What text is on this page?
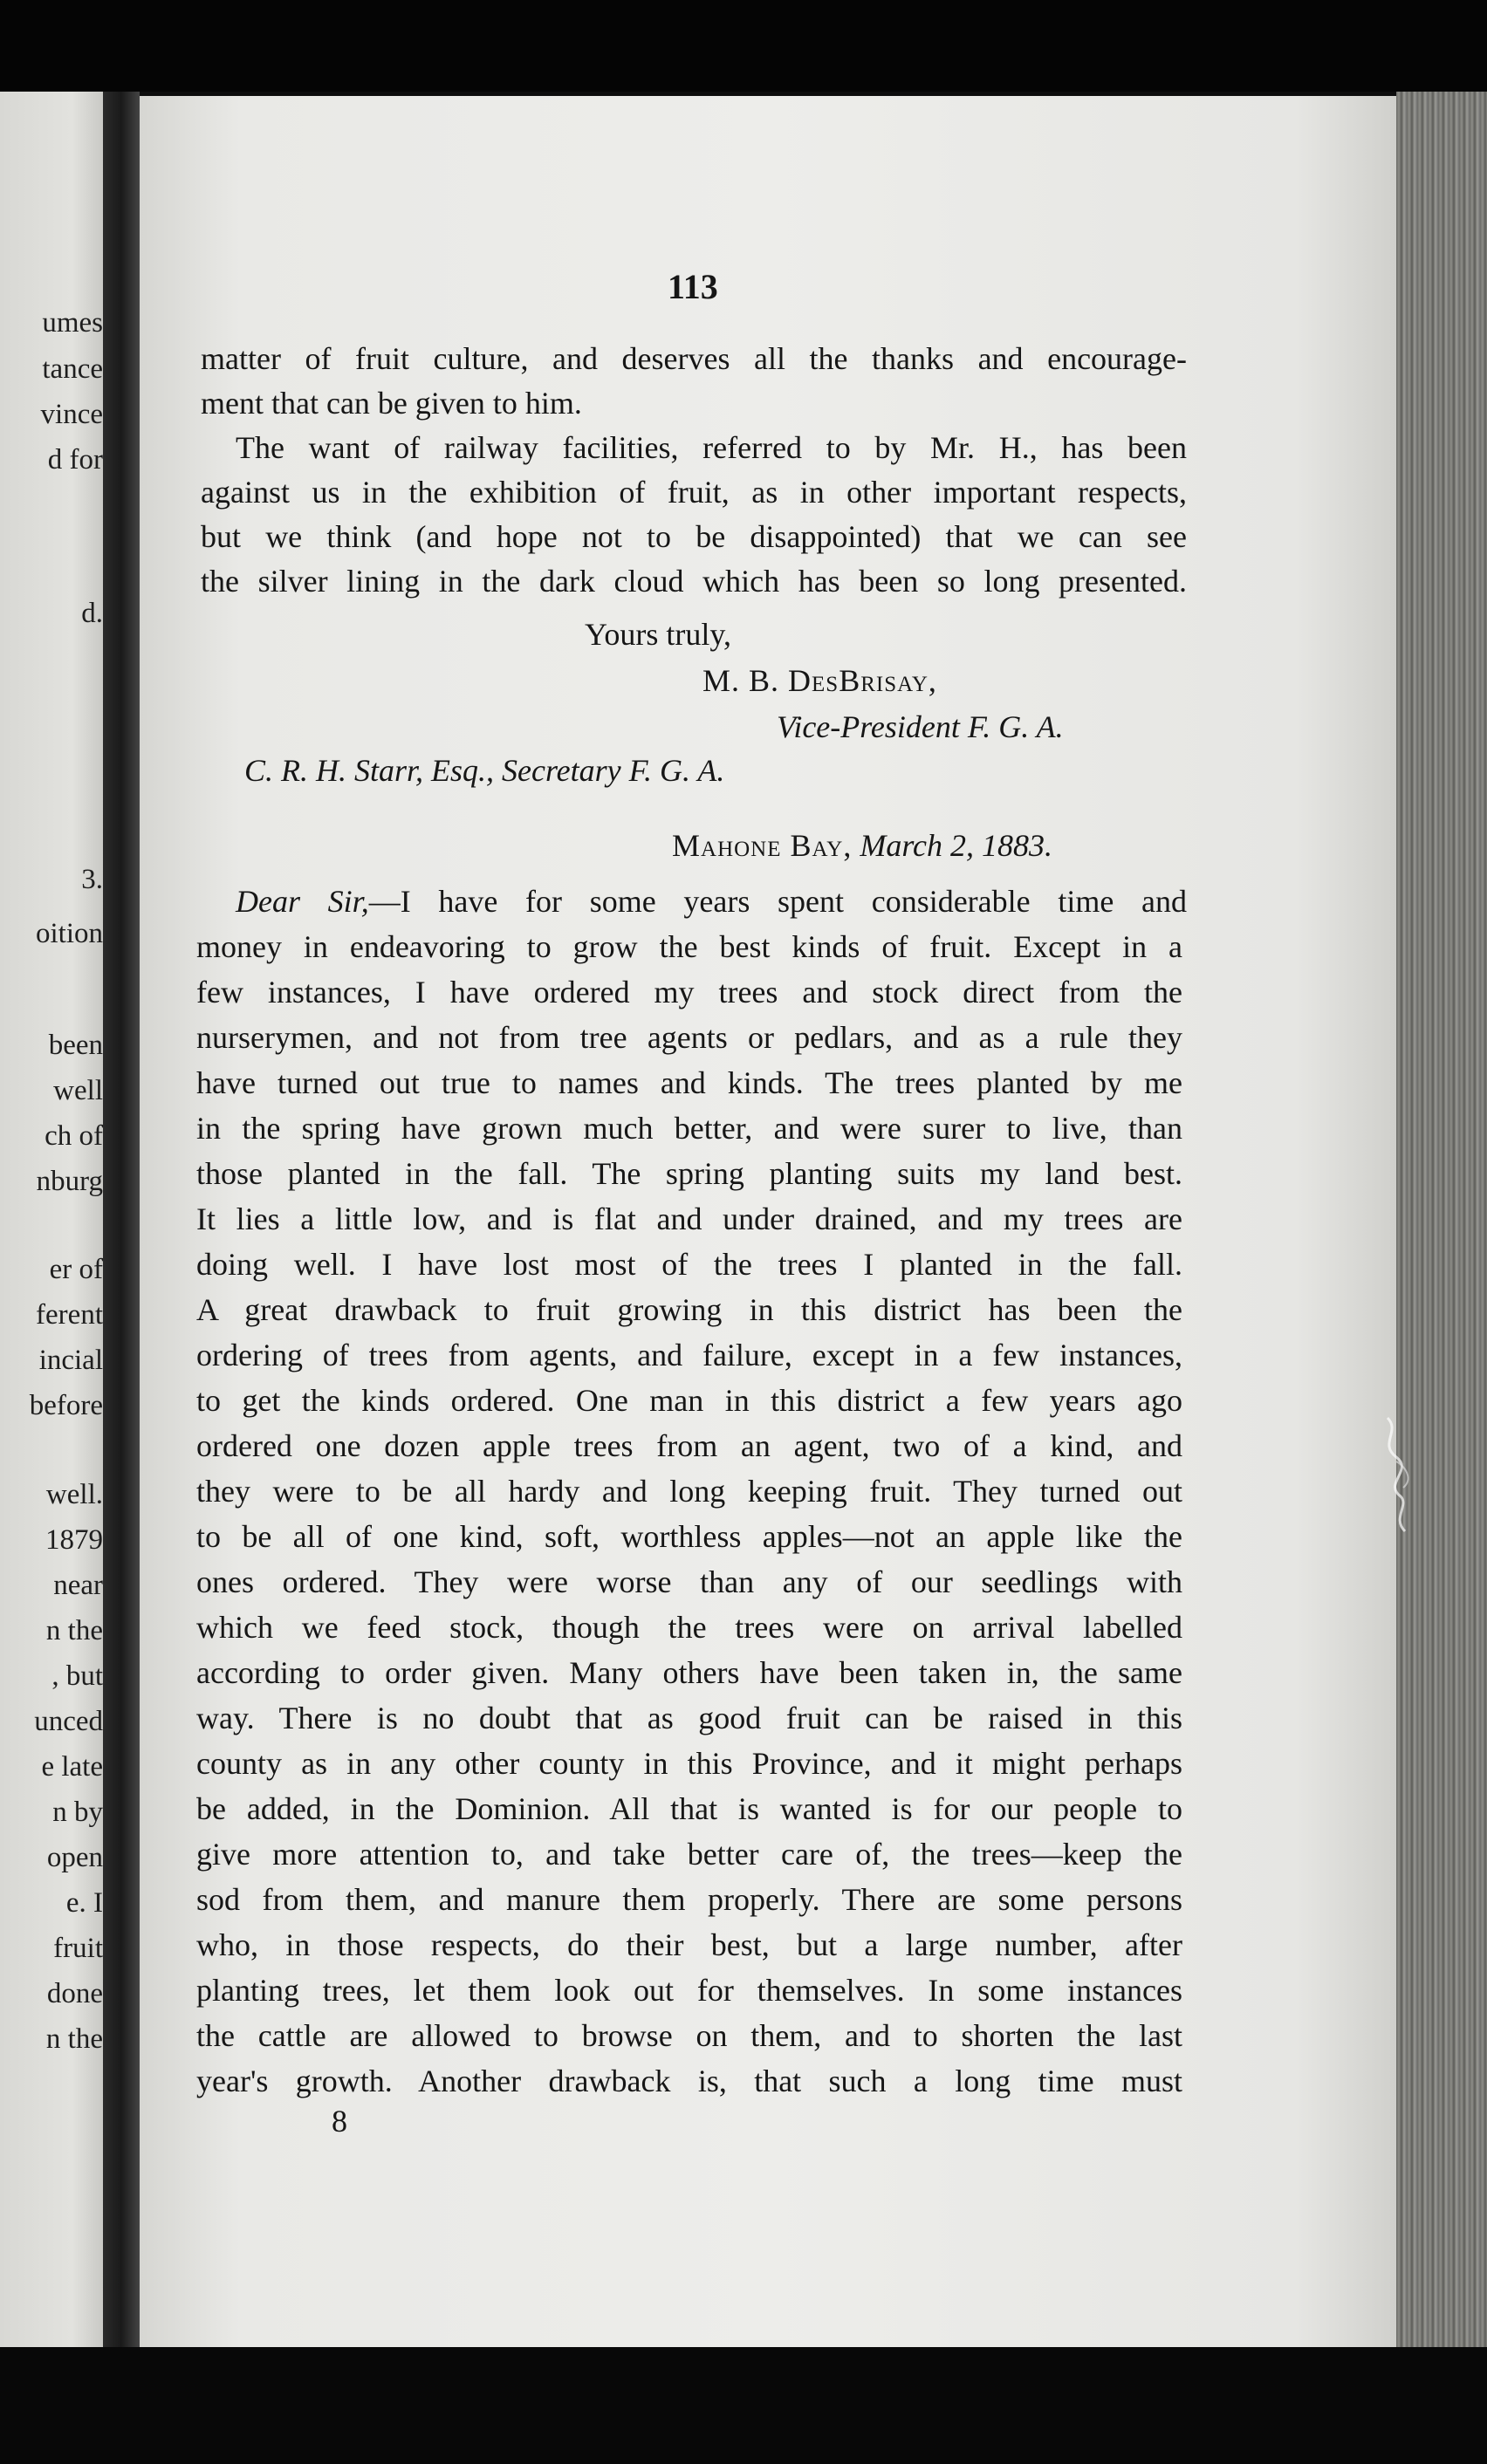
umes
tance
vince
d for
d.
3.
oition
been
well
ch of
nburg
er of
ferent
incial
before
well.
1879
near
n the
, but
unced
e late
n by
open
e. I
fruit
done
n the
113
matter of fruit culture, and deserves all the thanks and encourage-
ment that can be given to him.
The want of railway facilities, referred to by Mr. H., has been
against us in the exhibition of fruit, as in other important respects,
but we think (and hope not to be disappointed) that we can see
the silver lining in the dark cloud which has been so long presented.
Yours truly,
M. B. DesBrisay,
Vice-President F. G. A.
C. R. H. Starr, Esq., Secretary F. G. A.
Mahone Bay, March 2, 1883.
Dear Sir,—I have for some years spent considerable time and
money in endeavoring to grow the best kinds of fruit. Except in a
few instances, I have ordered my trees and stock direct from the
nurserymen, and not from tree agents or pedlars, and as a rule they
have turned out true to names and kinds. The trees planted by me
in the spring have grown much better, and were surer to live, than
those planted in the fall. The spring planting suits my land best.
It lies a little low, and is flat and under drained, and my trees are
doing well. I have lost most of the trees I planted in the fall.
A great drawback to fruit growing in this district has been the
ordering of trees from agents, and failure, except in a few instances,
to get the kinds ordered. One man in this district a few years ago
ordered one dozen apple trees from an agent, two of a kind, and
they were to be all hardy and long keeping fruit. They turned out
to be all of one kind, soft, worthless apples—not an apple like the
ones ordered. They were worse than any of our seedlings with
which we feed stock, though the trees were on arrival labelled
according to order given. Many others have been taken in, the same
way. There is no doubt that as good fruit can be raised in this
county as in any other county in this Province, and it might perhaps
be added, in the Dominion. All that is wanted is for our people to
give more attention to, and take better care of, the trees—keep the
sod from them, and manure them properly. There are some persons
who, in those respects, do their best, but a large number, after
planting trees, let them look out for themselves. In some instances
the cattle are allowed to browse on them, and to shorten the last
year's growth. Another drawback is, that such a long time must
8
